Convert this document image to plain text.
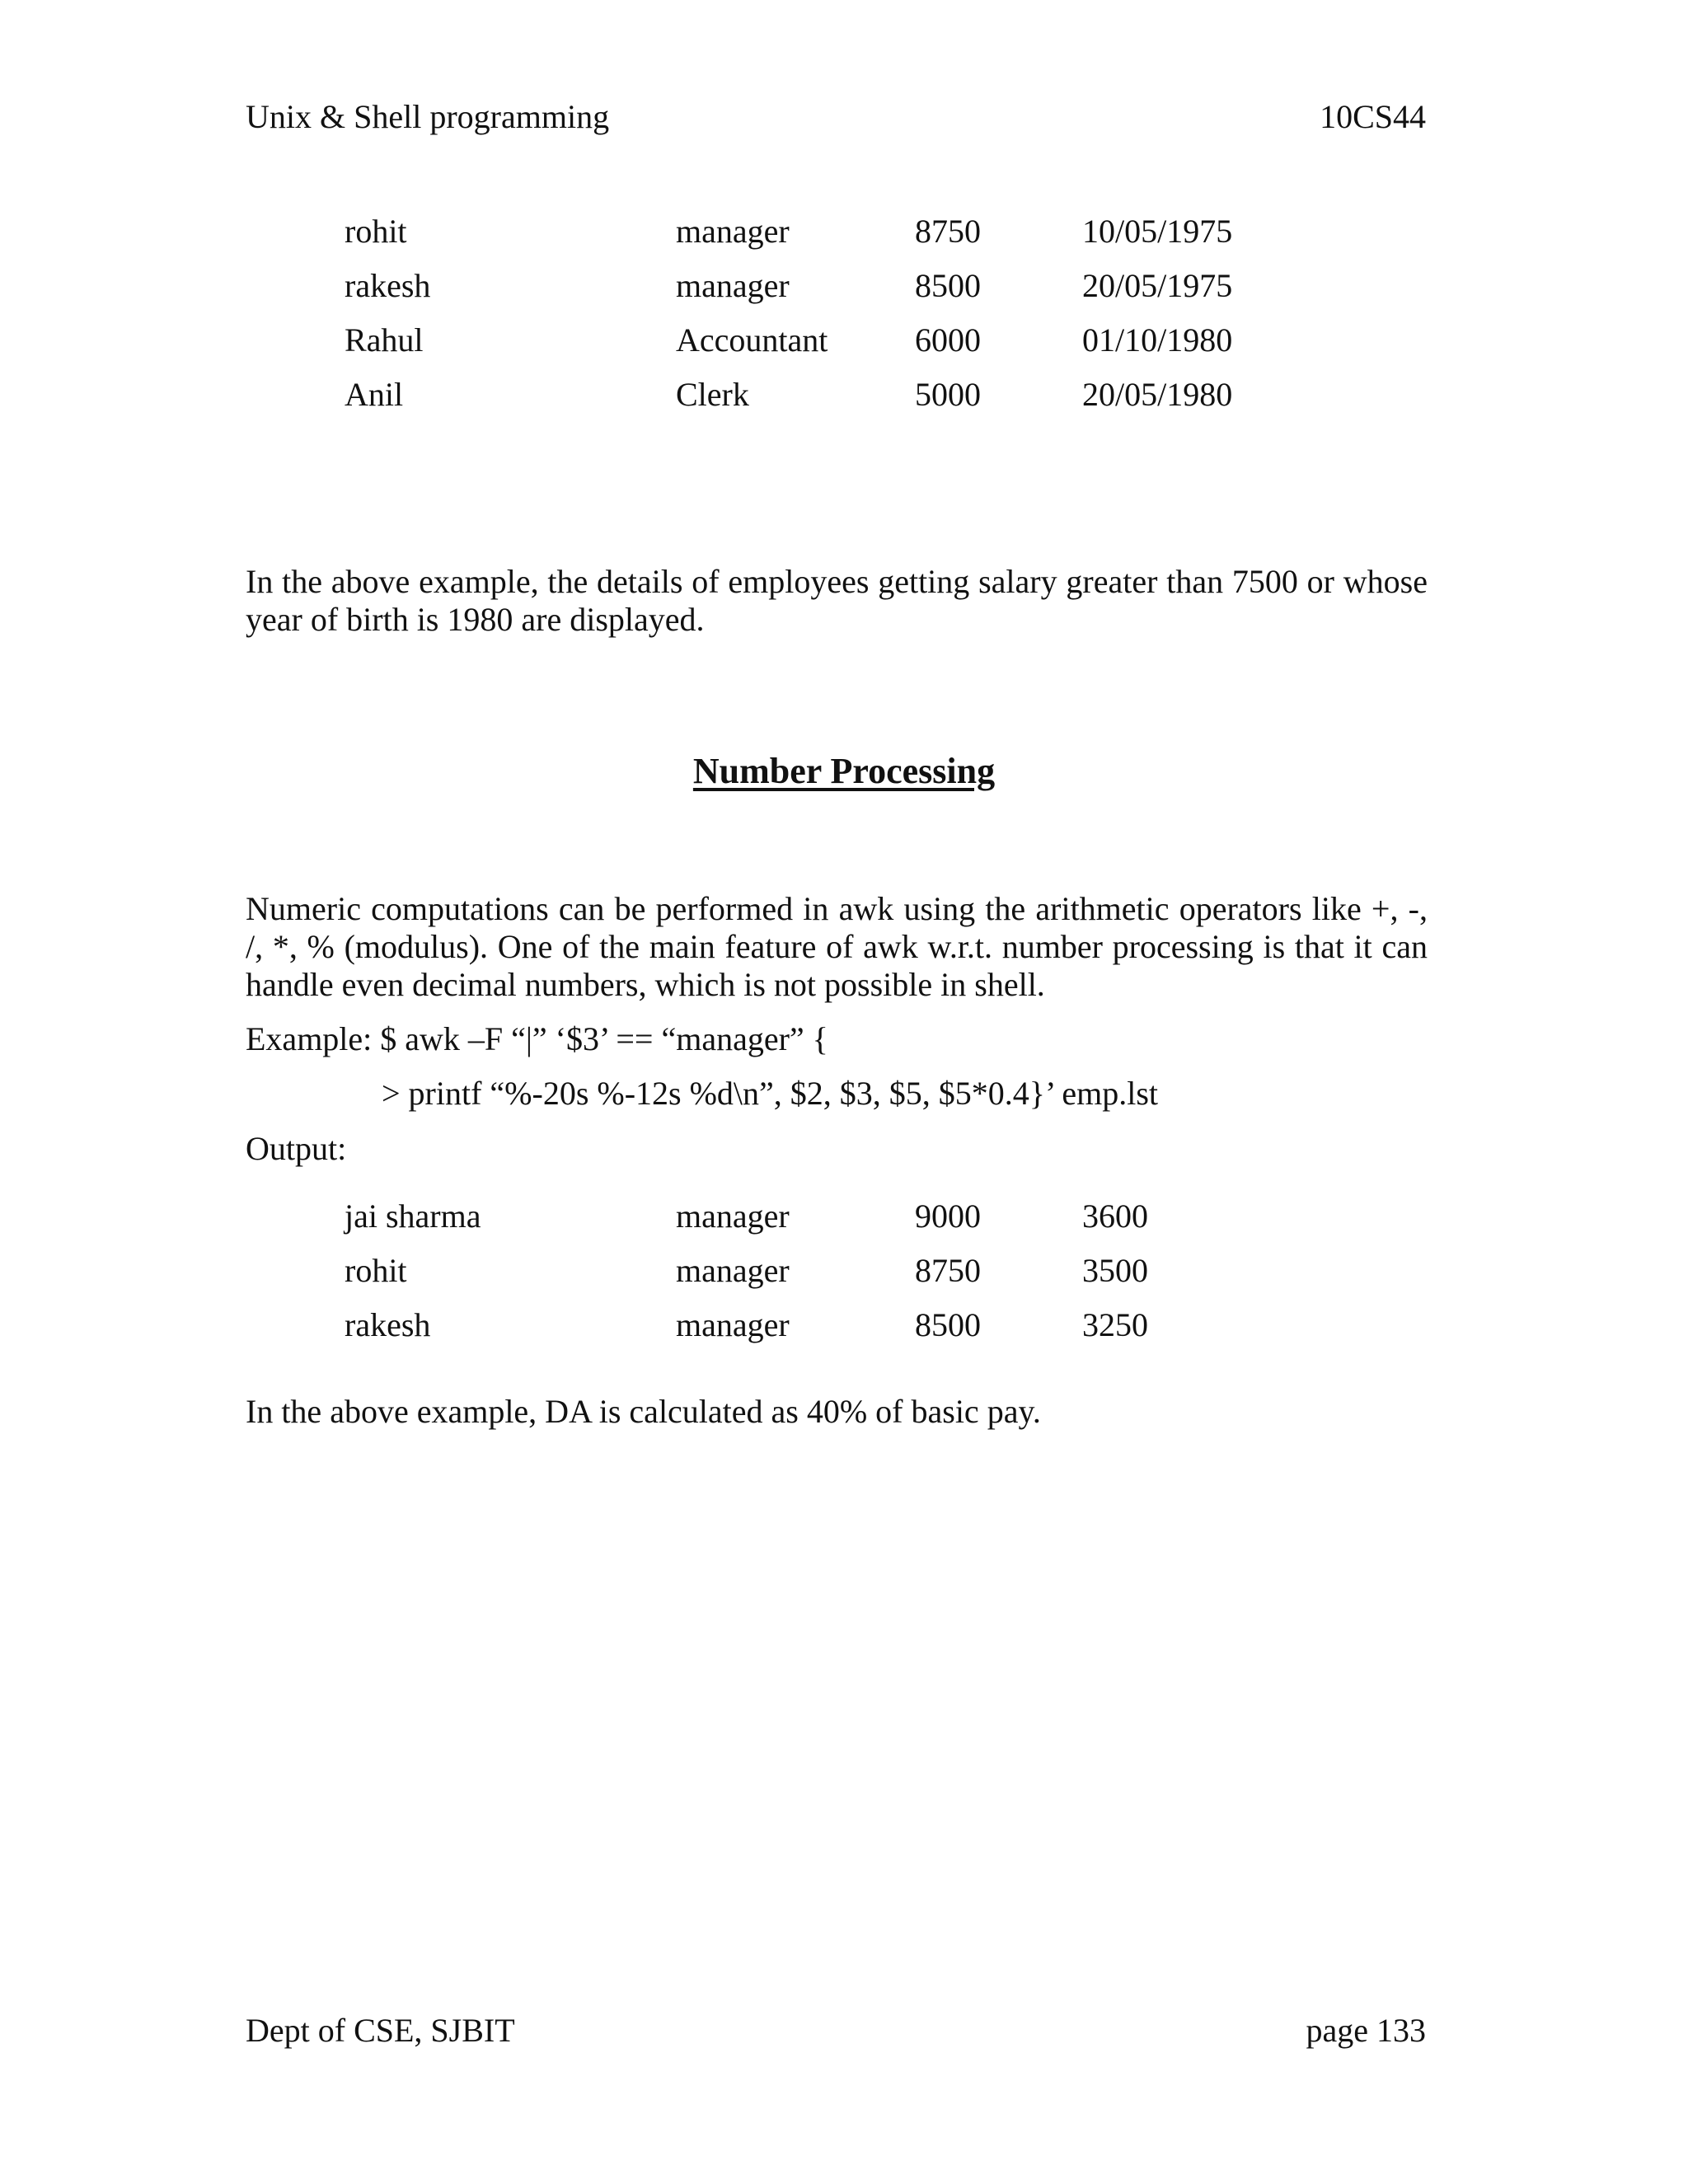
Unix & Shell programming	10CS44
rohit	manager	8750	10/05/1975
rakesh	manager	8500	20/05/1975
Rahul	Accountant	6000	01/10/1980
Anil	Clerk	5000	20/05/1980

In the above example, the details of employees getting salary greater than 7500 or whose year of birth is 1980 are displayed.

Number Processing

Numeric computations can be performed in awk using the arithmetic operators like +, -, /, *, % (modulus). One of the main feature of awk w.r.t. number processing is that it can handle even decimal numbers, which is not possible in shell.

Example: $ awk –F “|” ‘$3’ == “manager” {
> printf “%-20s %-12s %d\n”, $2, $3, $5, $5*0.4}’ emp.lst
Output:
jai sharma	manager	9000	3600
rohit	manager	8750	3500
rakesh	manager	8500	3250

In the above example, DA is calculated as 40% of basic pay.

Dept of CSE, SJBIT	page 133
